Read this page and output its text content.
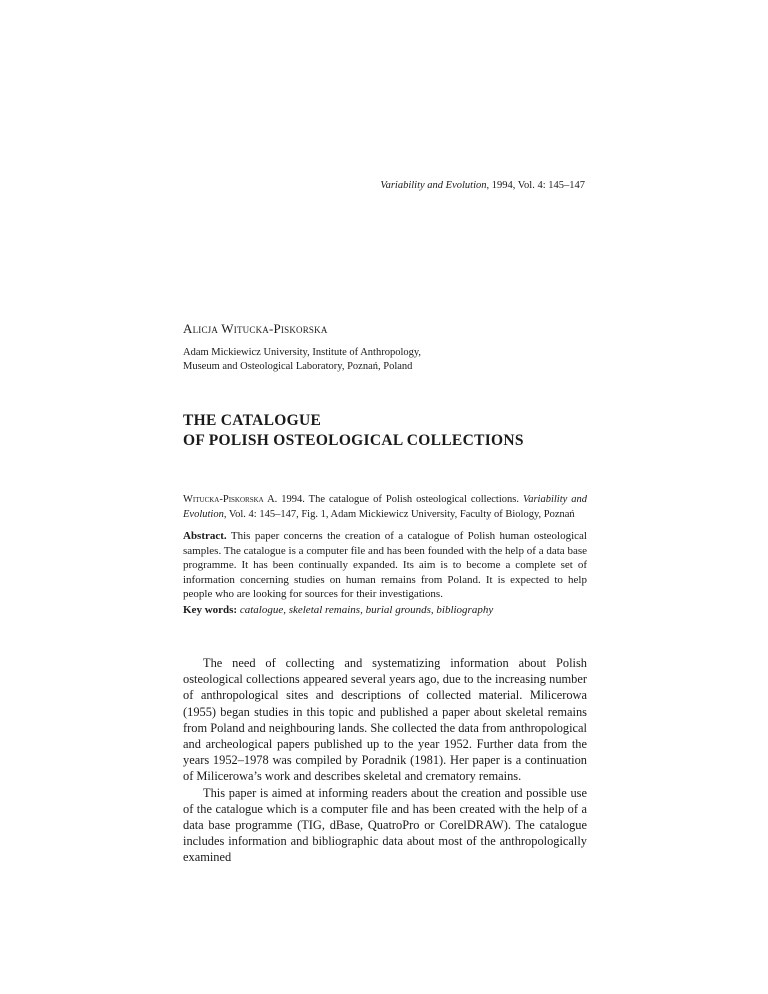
Variability and Evolution, 1994, Vol. 4: 145–147
Alicja Witucka-Piskorska
Adam Mickiewicz University, Institute of Anthropology,
Museum and Osteological Laboratory, Poznań, Poland
THE CATALOGUE
OF POLISH OSTEOLOGICAL COLLECTIONS
Witucka-Piskorska A. 1994. The catalogue of Polish osteological collections. Variability and Evolution, Vol. 4: 145–147, Fig. 1, Adam Mickiewicz University, Faculty of Biology, Poznań
Abstract. This paper concerns the creation of a catalogue of Polish human osteological samples. The catalogue is a computer file and has been founded with the help of a data base programme. It has been continually expanded. Its aim is to become a complete set of information concerning studies on human remains from Poland. It is expected to help people who are looking for sources for their investigations.
Key words: catalogue, skeletal remains, burial grounds, bibliography

The need of collecting and systematizing information about Polish osteological collections appeared several years ago, due to the increasing number of anthropological sites and descriptions of collected material. Milicerowa (1955) began studies in this topic and published a paper about skeletal remains from Poland and neighbouring lands. She collected the data from anthropological and archeological papers published up to the year 1952. Further data from the years 1952–1978 was compiled by Poradnik (1981). Her paper is a continuation of Milicerowa’s work and describes skeletal and crematory remains.

This paper is aimed at informing readers about the creation and possible use of the catalogue which is a computer file and has been created with the help of a data base programme (TIG, dBase, QuatroPro or CorelDRAW). The catalogue includes information and bibliographic data about most of the anthropologically examined
